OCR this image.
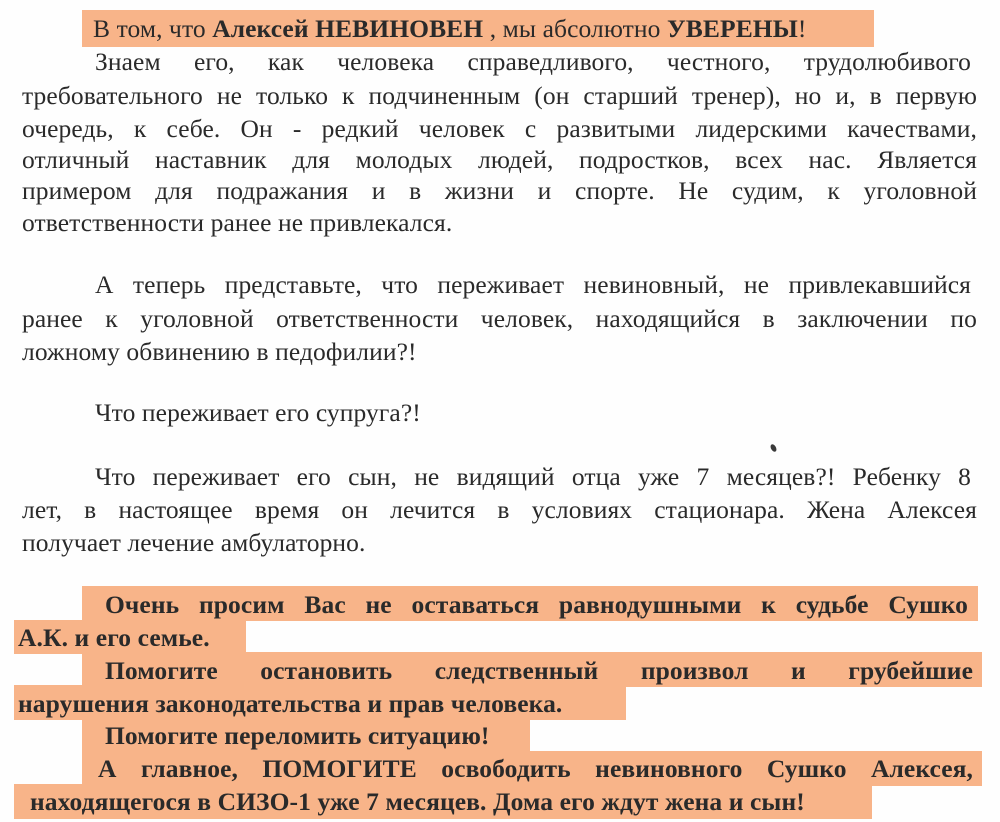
В том, что Алексей НЕВИНОВЕН , мы абсолютно УВЕРЕНЫ!
Знаем его, как человека справедливого, честного, трудолюбивого
требовательного не только к подчиненным (он старший тренер), но и, в первую
очередь, к себе. Он - редкий человек с развитыми лидерскими качествами,
отличный наставник для молодых людей, подростков, всех нас. Является
примером для подражания и в жизни и спорте. Не судим, к уголовной
ответственности ранее не привлекался.
А теперь представьте, что переживает невиновный, не привлекавшийся
ранее к уголовной ответственности человек, находящийся в заключении по
ложному обвинению в педофилии?!
Что переживает его супруга?!
Что переживает его сын, не видящий отца уже 7 месяцев?! Ребенку 8
лет, в настоящее время он лечится в условиях стационара. Жена Алексея
получает лечение амбулаторно.
Очень просим Вас не оставаться равнодушными к судьбе Сушко
А.К. и его семье.
Помогите остановить следственный произвол и грубейшие
нарушения законодательства и прав человека.
Помогите переломить ситуацию!
А главное, ПОМОГИТЕ освободить невиновного Сушко Алексея,
находящегося в СИЗО-1 уже 7 месяцев. Дома его ждут жена и сын!
